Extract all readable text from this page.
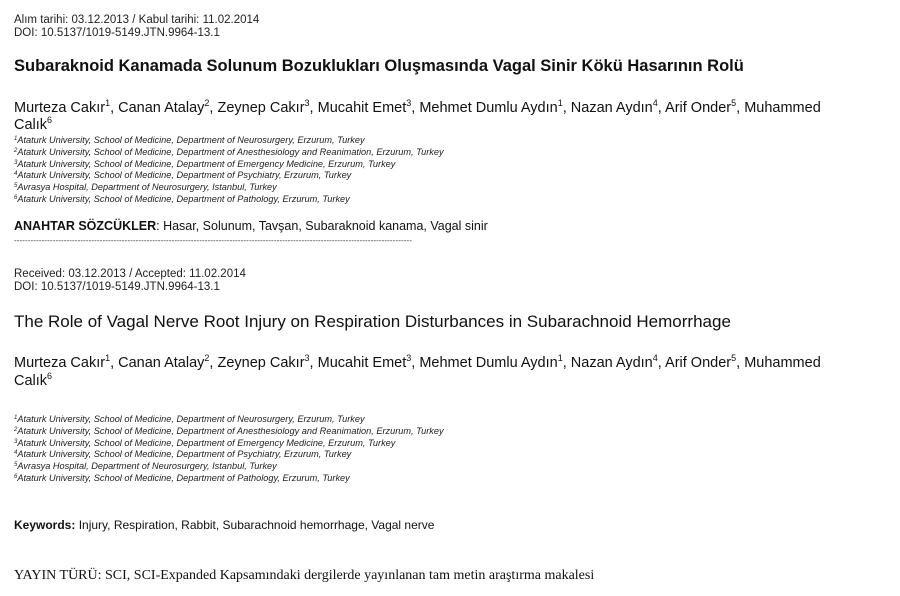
Alım tarihi: 03.12.2013 / Kabul tarihi: 11.02.2014
DOI: 10.5137/1019-5149.JTN.9964-13.1
Subaraknoid Kanamada Solunum Bozuklukları Oluşmasında Vagal Sinir Kökü Hasarının Rolü
Murteza Cakır$^1$, Canan Atalay$^2$, Zeynep Cakır$^3$, Mucahit Emet$^3$, Mehmet Dumlu Aydın$^1$, Nazan Aydın$^4$, Arif Onder$^5$, Muhammed
Calık$^6$
$^1$Ataturk University, School of Medicine, Department of Neurosurgery, Erzurum, Turkey
$^2$Ataturk University, School of Medicine, Department of Anesthesiology and Reanimation, Erzurum, Turkey
$^3$Ataturk University, School of Medicine, Department of Emergency Medicine, Erzurum, Turkey
$^4$Ataturk University, School of Medicine, Department of Psychiatry, Erzurum, Turkey
$^5$Avrasya Hospital, Department of Neurosurgery, Istanbul, Turkey
$^6$Ataturk University, School of Medicine, Department of Pathology, Erzurum, Turkey
ANAHTAR SÖZCÜKLER: Hasar, Solunum, Tavşan, Subaraknoid kanama, Vagal sinir
------------------------------------------------------------------------------------------------------------------------------------------------
Received: 03.12.2013 / Accepted: 11.02.2014
DOI: 10.5137/1019-5149.JTN.9964-13.1
The Role of Vagal Nerve Root Injury on Respiration Disturbances in Subarachnoid Hemorrhage
Murteza Cakır$^1$, Canan Atalay$^2$, Zeynep Cakır$^3$, Mucahit Emet$^3$, Mehmet Dumlu Aydın$^1$, Nazan Aydın$^4$, Arif Onder$^5$, Muhammed
Calık$^6$
$^1$Ataturk University, School of Medicine, Department of Neurosurgery, Erzurum, Turkey
$^2$Ataturk University, School of Medicine, Department of Anesthesiology and Reanimation, Erzurum, Turkey
$^3$Ataturk University, School of Medicine, Department of Emergency Medicine, Erzurum, Turkey
$^4$Ataturk University, School of Medicine, Department of Psychiatry, Erzurum, Turkey
$^5$Avrasya Hospital, Department of Neurosurgery, Istanbul, Turkey
$^6$Ataturk University, School of Medicine, Department of Pathology, Erzurum, Turkey
Keywords: Injury, Respiration, Rabbit, Subarachnoid hemorrhage, Vagal nerve
YAYIN TÜRÜ: SCI, SCI-Expanded Kapsamındaki dergilerde yayınlanan tam metin araştırma makalesi
